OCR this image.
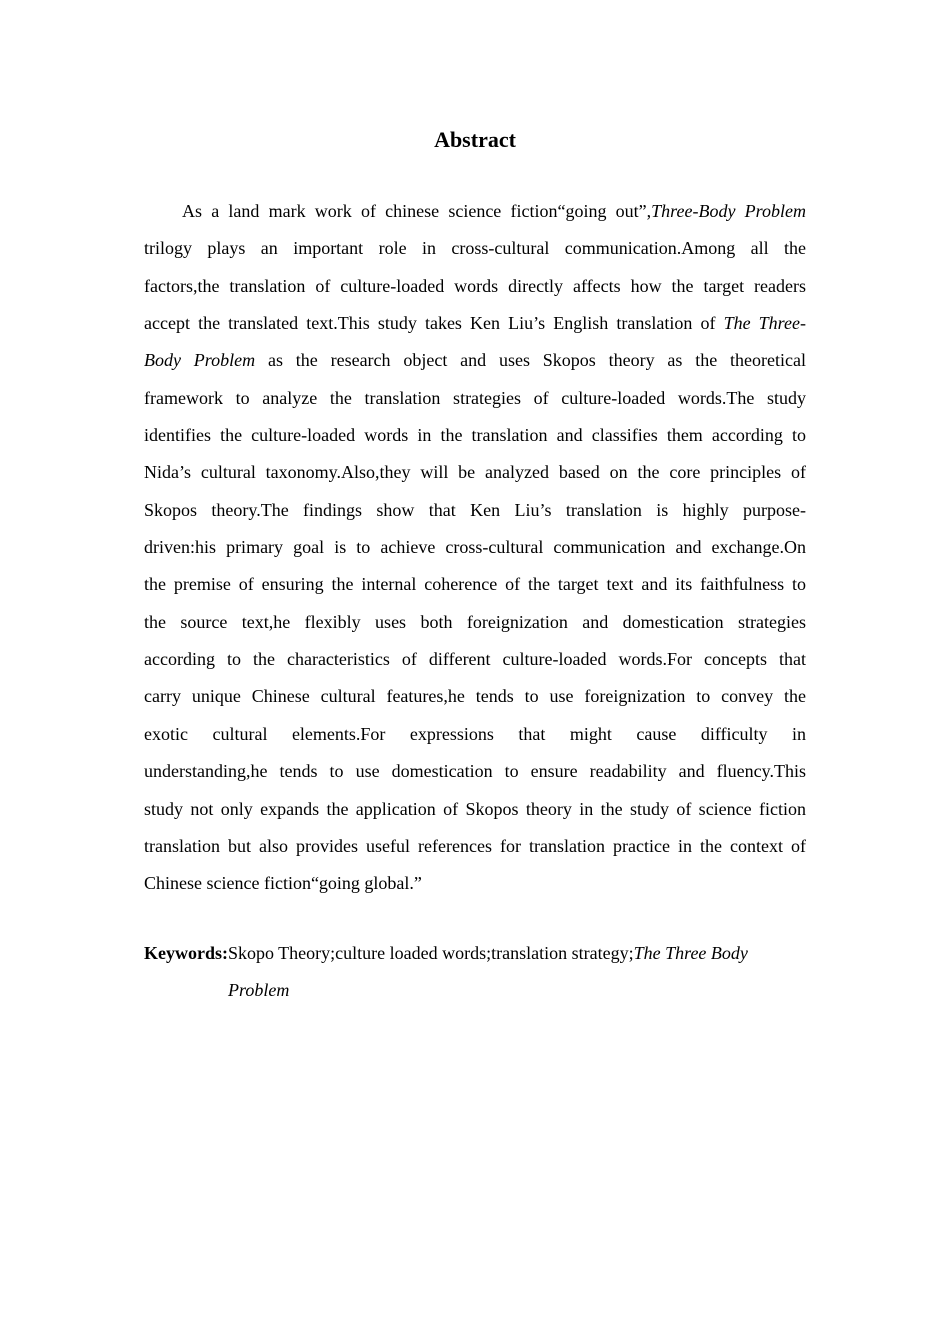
Abstract
As a land mark work of chinese science fiction“going out”,Three-Body Problem
trilogy plays an important role in cross-cultural communication.Among all the
factors,the translation of culture-loaded words directly affects how the target readers
accept the translated text.This study takes Ken Liu’s English translation of The Three-
Body Problem as the research object and uses Skopos theory as the theoretical
framework to analyze the translation strategies of culture-loaded words.The study
identifies the culture-loaded words in the translation and classifies them according to
Nida’s cultural taxonomy.Also,they will be analyzed based on the core principles of
Skopos theory.The findings show that Ken Liu’s translation is highly purpose-
driven:his primary goal is to achieve cross-cultural communication and exchange.On
the premise of ensuring the internal coherence of the target text and its faithfulness to
the source text,he flexibly uses both foreignization and domestication strategies
according to the characteristics of different culture-loaded words.For concepts that
carry unique Chinese cultural features,he tends to use foreignization to convey the
exotic cultural elements.For expressions that might cause difficulty in
understanding,he tends to use domestication to ensure readability and fluency.This
study not only expands the application of Skopos theory in the study of science fiction
translation but also provides useful references for translation practice in the context of
Chinese science fiction“going global.”

Keywords:Skopo Theory;culture loaded words;translation strategy;The Three Body Problem
